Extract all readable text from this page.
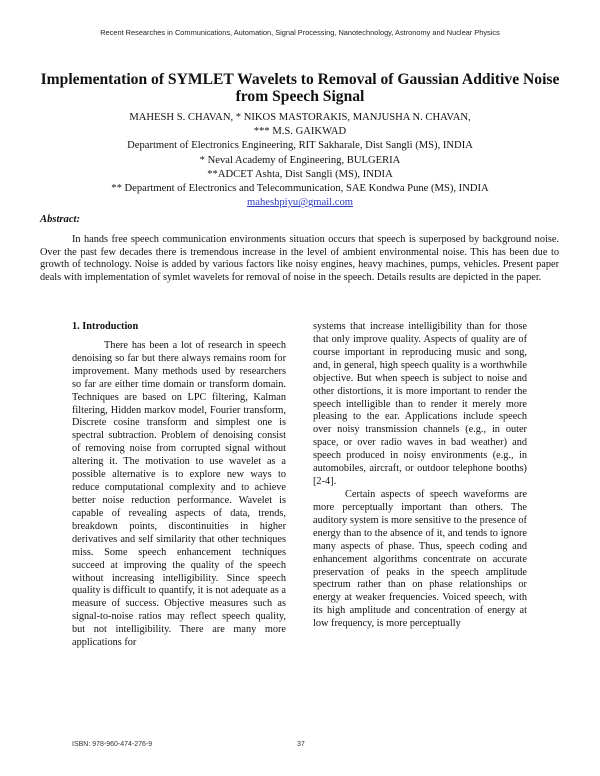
Recent Researches in Communications, Automation, Signal Processing, Nanotechnology, Astronomy and Nuclear Physics
Implementation of SYMLET Wavelets to Removal of Gaussian Additive Noise from Speech Signal
MAHESH S. CHAVAN, * NIKOS MASTORAKIS, MANJUSHA N. CHAVAN,
*** M.S. GAIKWAD
Department of Electronics Engineering, RIT Sakharale, Dist Sangli (MS), INDIA
* Neval Academy of Engineering, BULGERIA
**ADCET Ashta, Dist Sangli (MS), INDIA
** Department of Electronics and Telecommunication, SAE Kondwa Pune (MS), INDIA
maheshpiyu@gmail.com
Abstract:

In hands free speech communication environments situation occurs that speech is superposed by background noise. Over the past few decades there is tremendous increase in the level of ambient environmental noise. This has been due to growth of technology. Noise is added by various factors like noisy engines, heavy machines, pumps, vehicles. Present paper deals with implementation of symlet wavelets for removal of noise in the speech. Details results are depicted in the paper.

1. Introduction

There has been a lot of research in speech denoising so far but there always remains room for improvement. Many methods used by researchers so far are either time domain or transform domain. Techniques are based on LPC filtering, Kalman filtering, Hidden markov model, Fourier transform, Discrete cosine transform and simplest one is spectral subtraction. Problem of denoising consist of removing noise from corrupted signal without altering it. The motivation to use wavelet as a possible alternative is to explore new ways to reduce computational complexity and to achieve better noise reduction performance. Wavelet is capable of revealing aspects of data, trends, breakdown points, discontinuities in higher derivatives and self similarity that other techniques miss. Some speech enhancement techniques succeed at improving the quality of the speech without increasing intelligibility. Since speech quality is difficult to quantify, it is not adequate as a measure of success. Objective measures such as signal-to-noise ratios may reflect speech quality, but not intelligibility. There are many more applications for

systems that increase intelligibility than for those that only improve quality. Aspects of quality are of course important in reproducing music and song, and, in general, high speech quality is a worthwhile objective. But when speech is subject to noise and other distortions, it is more important to render the speech intelligible than to render it merely more pleasing to the ear. Applications include speech over noisy transmission channels (e.g., in outer space, or over radio waves in bad weather) and speech produced in noisy environments (e.g., in automobiles, aircraft, or outdoor telephone booths)[2-4].

Certain aspects of speech waveforms are more perceptually important than others. The auditory system is more sensitive to the presence of energy than to the absence of it, and tends to ignore many aspects of phase. Thus, speech coding and enhancement algorithms concentrate on accurate preservation of peaks in the speech amplitude spectrum rather than on phase relationships or energy at weaker frequencies. Voiced speech, with its high amplitude and concentration of energy at low frequency, is more perceptually

ISBN: 978-960-474-276-9	37
